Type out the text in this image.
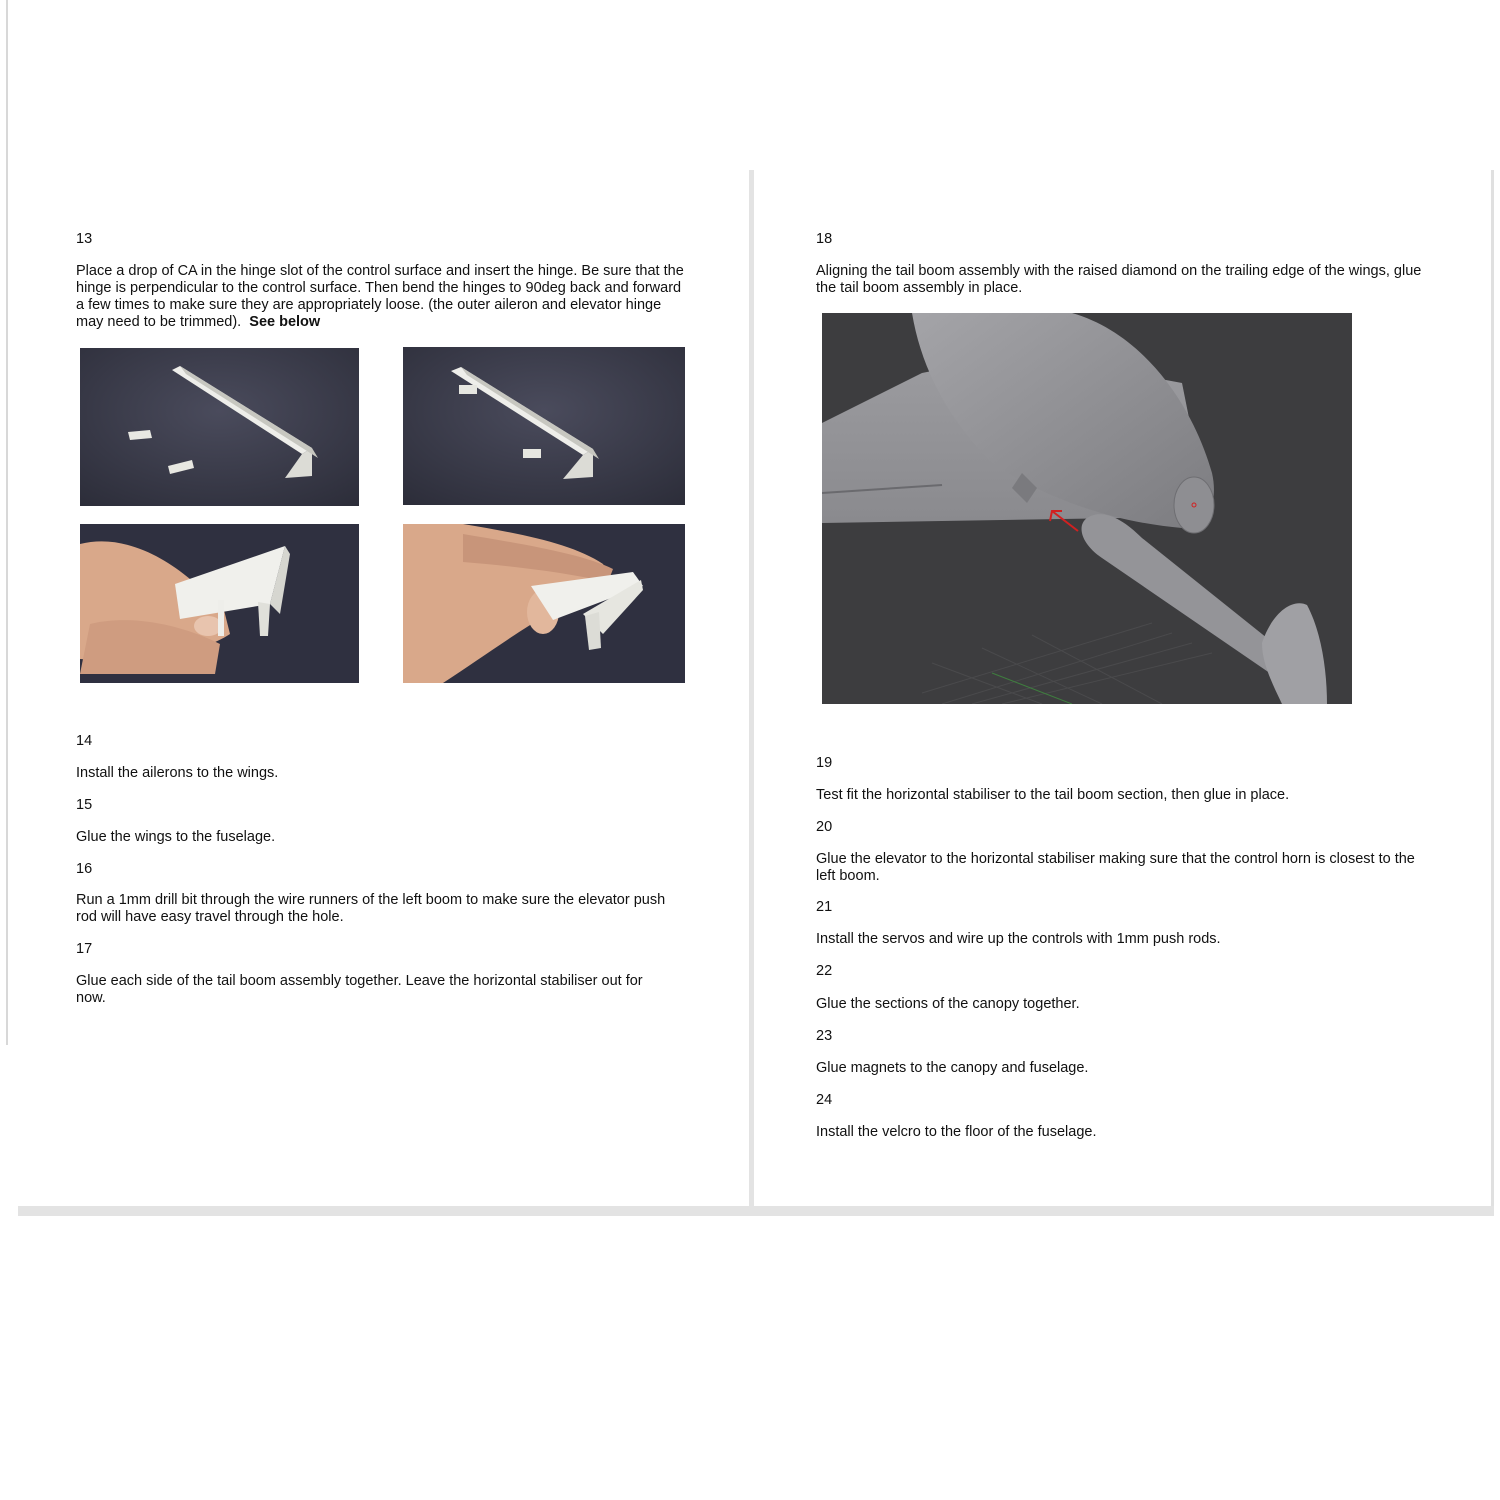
13

Place a drop of CA in the hinge slot of the control surface and insert the hinge. Be sure that the hinge is perpendicular to the control surface. Then bend the hinges to 90deg back and forward a few times to make sure they are appropriately loose. (the outer aileron and elevator hinge may need to be trimmed). See below

14

Install the ailerons to the wings.

15

Glue the wings to the fuselage.

16

Run a 1mm drill bit through the wire runners of the left boom to make sure the elevator push rod will have easy travel through the hole.

17

Glue each side of the tail boom assembly together. Leave the horizontal stabiliser out for now.

18

Aligning the tail boom assembly with the raised diamond on the trailing edge of the wings, glue the tail boom assembly in place.

19

Test fit the horizontal stabiliser to the tail boom section, then glue in place.

20

Glue the elevator to the horizontal stabiliser making sure that the control horn is closest to the left boom.

21

Install the servos and wire up the controls with 1mm push rods.

22

Glue the sections of the canopy together.

23

Glue magnets to the canopy and fuselage.

24

Install the velcro to the floor of the fuselage.
